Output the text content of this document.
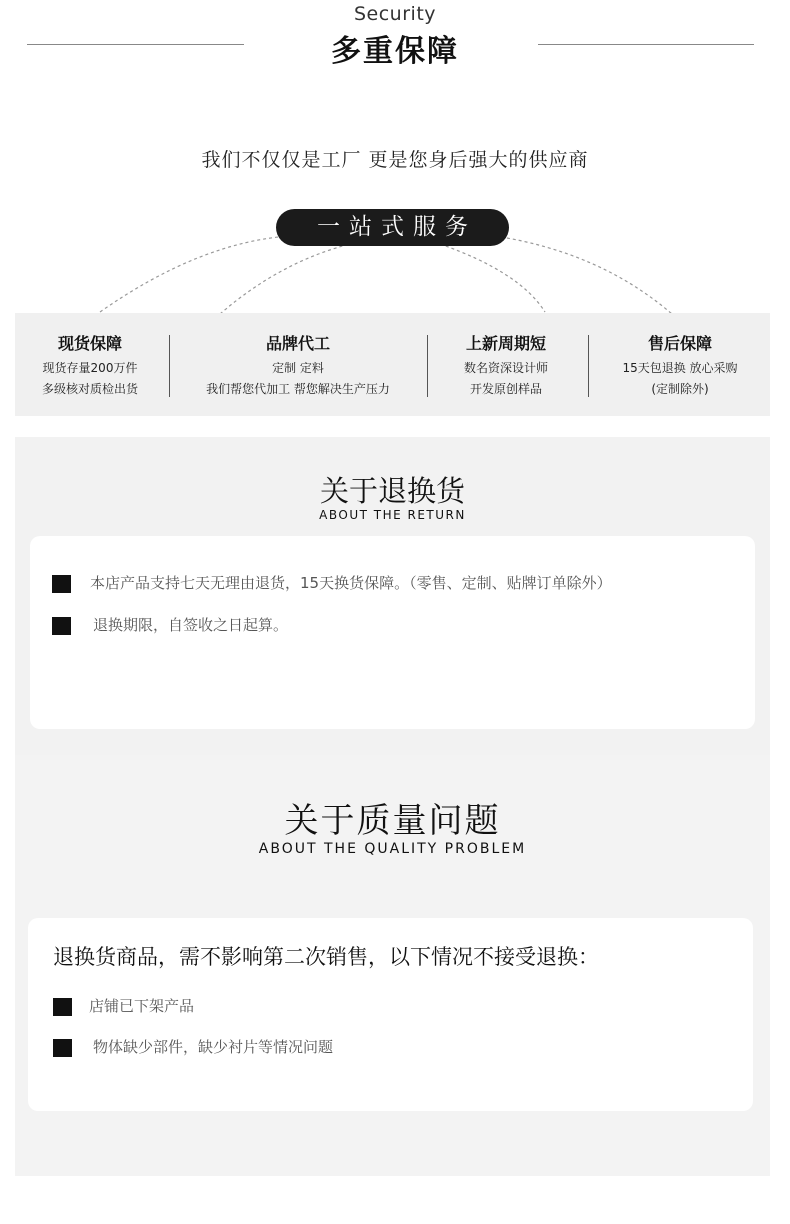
Security
多重保障
我们不仅仅是工厂 更是您身后强大的供应商
一站式服务
现货保障
现货存量200万件
多级核对质检出货
品牌代工
定制 定料
我们帮您代加工 帮您解决生产压力
上新周期短
数名资深设计师
开发原创样品
售后保障
15天包退换 放心采购
(定制除外)
关于退换货
ABOUT THE RETURN
本店产品支持七天无理由退货，15天换货保障。（零售、定制、贴牌订单除外）
退换期限，自签收之日起算。
关于质量问题
ABOUT THE QUALITY PROBLEM
退换货商品，需不影响第二次销售，以下情况不接受退换：
店铺已下架产品
物体缺少部件，缺少衬片等情况问题
